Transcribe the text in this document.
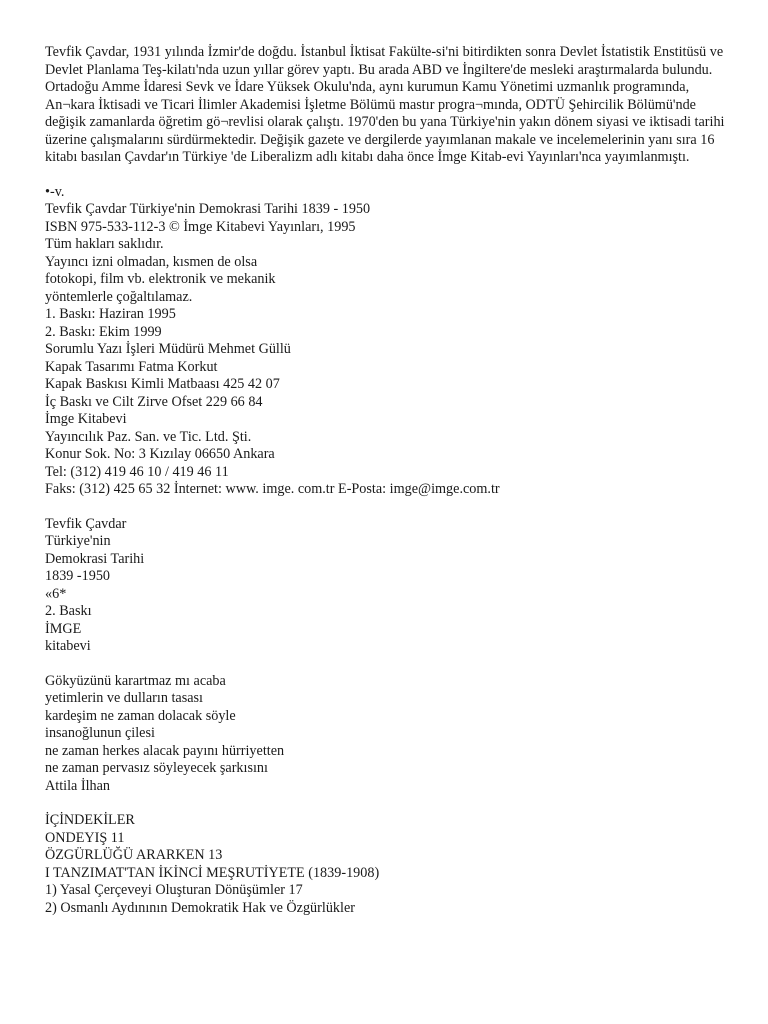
Tevfik Çavdar, 1931 yılında İzmir'de doğdu. İstanbul İktisat Fakülte-si'ni bitirdikten sonra Devlet İstatistik Enstitüsü ve Devlet Planlama Teş-kilatı'nda uzun yıllar görev yaptı. Bu arada ABD ve İngiltere'de mesleki araştırmalarda bulundu. Ortadoğu Amme İdaresi Sevk ve İdare Yüksek Okulu'nda, aynı kurumun Kamu Yönetimi uzmanlık programında, An¬kara İktisadi ve Ticari İlimler Akademisi İşletme Bölümü mastır progra¬mında, ODTÜ Şehircilik Bölümü'nde değişik zamanlarda öğretim gö¬revlisi olarak çalıştı. 1970'den bu yana Türkiye'nin yakın dönem siyasi ve iktisadi tarihi üzerine çalışmalarını sürdürmektedir. Değişik gazete ve dergilerde yayımlanan makale ve incelemelerinin yanı sıra 16 kitabı basılan Çavdar'ın Türkiye 'de Liberalizm adlı kitabı daha önce İmge Kitab-evi Yayınları'nca yayımlanmıştı.

•-v.
Tevfik Çavdar Türkiye'nin Demokrasi Tarihi 1839 - 1950
ISBN 975-533-112-3 © İmge Kitabevi Yayınları, 1995
Tüm hakları saklıdır.
Yayıncı izni olmadan, kısmen de olsa
fotokopi, film vb. elektronik ve mekanik
yöntemlerle çoğaltılamaz.
1. Baskı: Haziran 1995
2. Baskı: Ekim 1999
Sorumlu Yazı İşleri Müdürü Mehmet Güllü
Kapak Tasarımı Fatma Korkut
Kapak Baskısı Kimli Matbaası 425 42 07
İç Baskı ve Cilt Zirve Ofset 229 66 84
İmge Kitabevi
Yayıncılık Paz. San. ve Tic. Ltd. Şti.
Konur Sok. No: 3 Kızılay 06650 Ankara
Tel: (312) 419 46 10 / 419 46 11
Faks: (312) 425 65 32 İnternet: www. imge. com.tr E-Posta: imge@imge.com.tr
Tevfik Çavdar
Türkiye'nin
Demokrasi Tarihi
1839 -1950
«6*
2. Baskı
İMGE
kitabevi
Gökyüzünü karartmaz mı acaba
yetimlerin ve dulların tasası
kardeşim ne zaman dolacak söyle
insanoğlunun çilesi
ne zaman herkes alacak payını hürriyetten
ne zaman pervasız söyleyecek şarkısını
Attila İlhan
İÇİNDEKİLER
ONDEYIŞ 11
ÖZGÜRLÜĞÜ ARARKEN 13
I TANZIMAT'TAN İKİNCİ MEŞRUTİYETE (1839-1908)
1) Yasal Çerçeveyi Oluşturan Dönüşümler 17
2) Osmanlı Aydınının Demokratik Hak ve Özgürlükler
